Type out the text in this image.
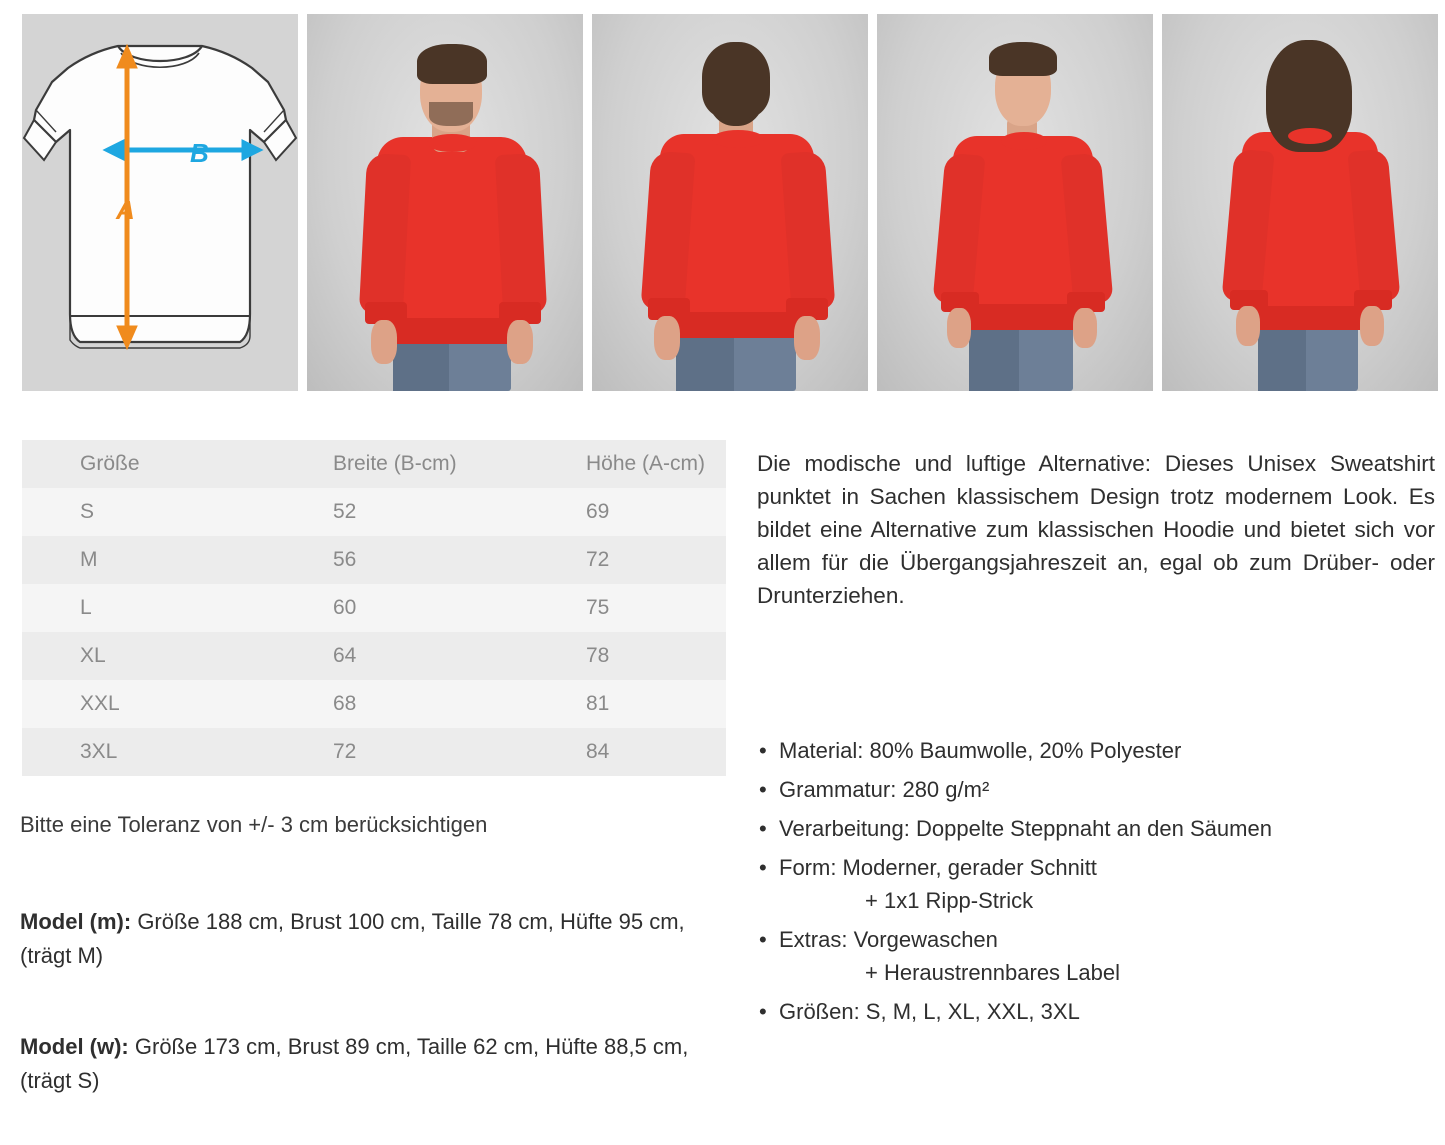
B
A
Größe	Breite (B-cm)	Höhe (A-cm)
S	52	69
M	56	72
L	60	75
XL	64	78
XXL	68	81
3XL	72	84
Bitte eine Toleranz von +/- 3 cm berücksichtigen
Model (m): Größe 188 cm, Brust 100 cm, Taille 78 cm, Hüfte 95 cm, (trägt M)
Model (w): Größe 173 cm, Brust 89 cm, Taille 62 cm, Hüfte 88,5 cm, (trägt S)
Die modische und luftige Alternative: Dieses Unisex Sweatshirt punktet in Sachen klassischem Design trotz modernem Look. Es bildet eine Alternative zum klassischen Hoodie und bietet sich vor allem für die Übergangsjahreszeit an, egal ob zum Drüber- oder Drunterziehen.
• Material: 80% Baumwolle, 20% Polyester
• Grammatur: 280 g/m²
• Verarbeitung: Doppelte Steppnaht an den Säumen
• Form: Moderner, gerader Schnitt
+ 1x1 Ripp-Strick
• Extras: Vorgewaschen
+ Heraustrennbares Label
• Größen: S, M, L, XL, XXL, 3XL
